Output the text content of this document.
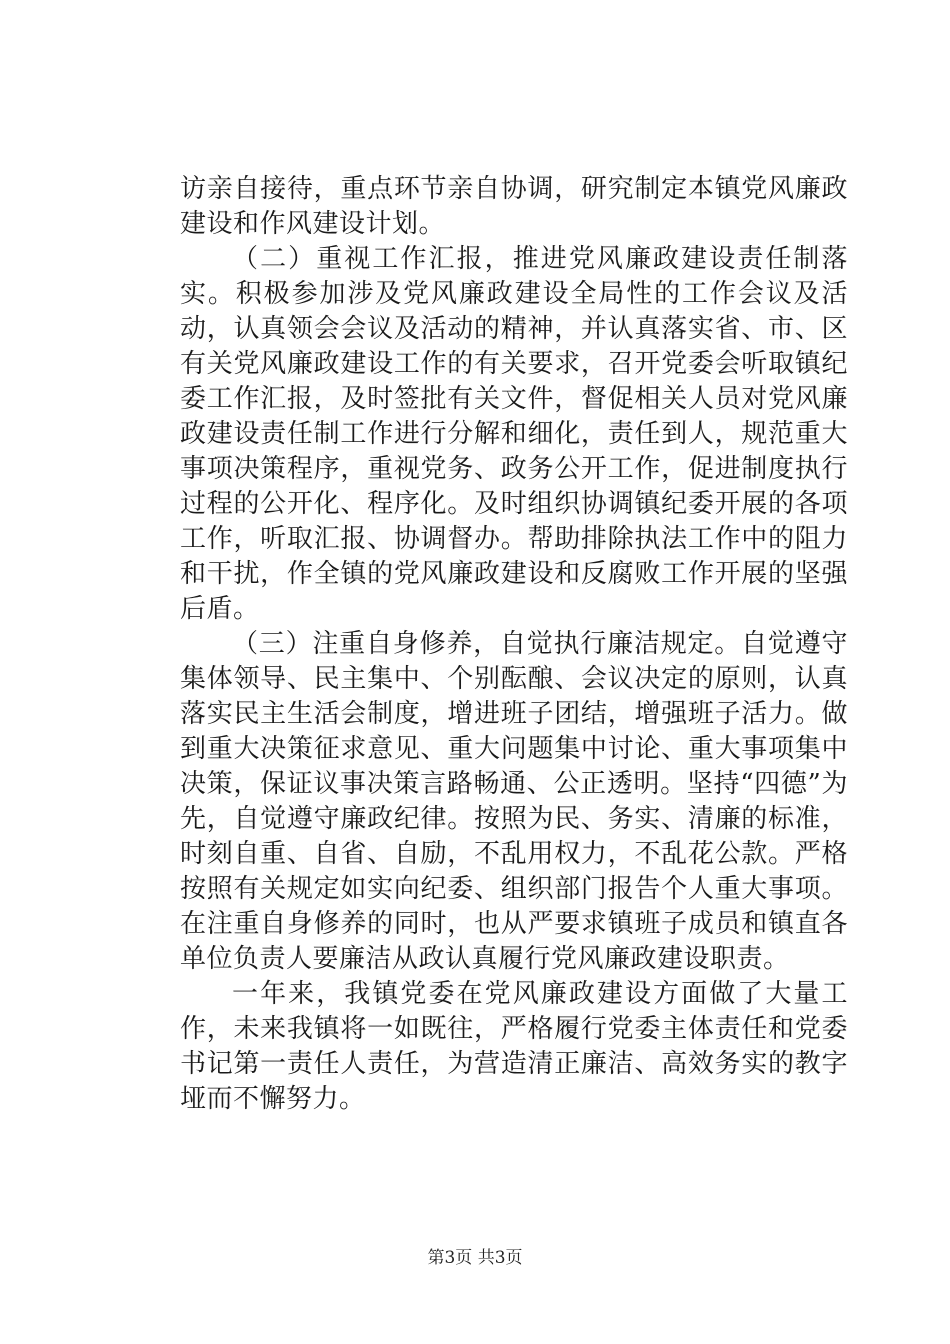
访亲自接待，重点环节亲自协调，研究制定本镇党风廉政建设和作风建设计划。

（二）重视工作汇报，推进党风廉政建设责任制落实。积极参加涉及党风廉政建设全局性的工作会议及活动，认真领会会议及活动的精神，并认真落实省、市、区有关党风廉政建设工作的有关要求，召开党委会听取镇纪委工作汇报，及时签批有关文件，督促相关人员对党风廉政建设责任制工作进行分解和细化，责任到人，规范重大事项决策程序，重视党务、政务公开工作，促进制度执行过程的公开化、程序化。及时组织协调镇纪委开展的各项工作，听取汇报、协调督办。帮助排除执法工作中的阻力和干扰，作全镇的党风廉政建设和反腐败工作开展的坚强后盾。

（三）注重自身修养，自觉执行廉洁规定。自觉遵守集体领导、民主集中、个别酝酿、会议决定的原则，认真落实民主生活会制度，增进班子团结，增强班子活力。做到重大决策征求意见、重大问题集中讨论、重大事项集中决策，保证议事决策言路畅通、公正透明。坚持“四德”为先，自觉遵守廉政纪律。按照为民、务实、清廉的标准，时刻自重、自省、自励，不乱用权力，不乱花公款。严格按照有关规定如实向纪委、组织部门报告个人重大事项。在注重自身修养的同时，也从严要求镇班子成员和镇直各单位负责人要廉洁从政认真履行党风廉政建设职责。

一年来，我镇党委在党风廉政建设方面做了大量工作，未来我镇将一如既往，严格履行党委主体责任和党委书记第一责任人责任，为营造清正廉洁、高效务实的教字垭而不懈努力。

第3页 共3页
